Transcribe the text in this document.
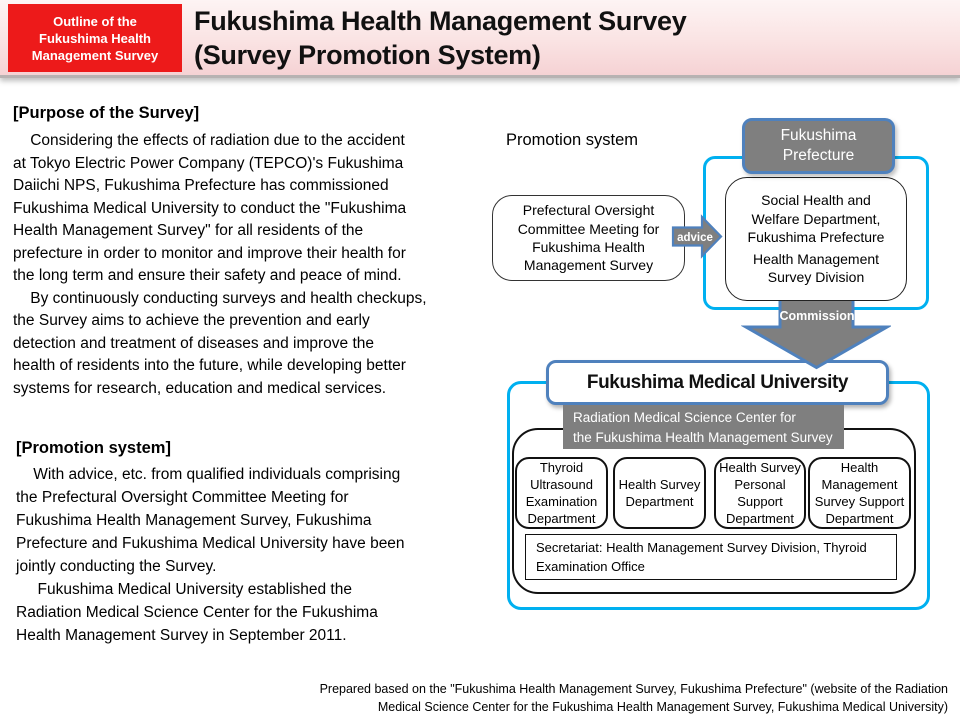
Outline of the
Fukushima Health
Management Survey
Fukushima Health Management Survey
(Survey Promotion System)
[Purpose of the Survey]
Considering the effects of radiation due to the accident
at Tokyo Electric Power Company (TEPCO)'s Fukushima
Daiichi NPS, Fukushima Prefecture has commissioned
Fukushima Medical University to conduct the "Fukushima
Health Management Survey" for all residents of the
prefecture in order to monitor and improve their health for
the long term and ensure their safety and peace of mind.
By continuously conducting surveys and health checkups,
the Survey aims to achieve the prevention and early
detection and treatment of diseases and improve the
health of residents into the future, while developing better
systems for research, education and medical services.
[Promotion system]
With advice, etc. from qualified individuals comprising
the Prefectural Oversight Committee Meeting for
Fukushima Health Management Survey, Fukushima
Prefecture and Fukushima Medical University have been
jointly conducting the Survey.
Fukushima Medical University established the
Radiation Medical Science Center for the Fukushima
Health Management Survey in September 2011.
Promotion system	Fukushima
Prefecture
Prefectural Oversight
Committee Meeting for
Fukushima Health
Management Survey
advice
Commission
Social Health and
Welfare Department,
Fukushima Prefecture
Health Management
Survey Division
Fukushima Medical University
Radiation Medical Science Center for
the Fukushima Health Management Survey
Thyroid
Ultrasound
Examination
Department
Health Survey
Department
Health Survey
Personal
Support
Department
Health
Management
Survey Support
Department
Secretariat: Health Management Survey Division, Thyroid
Examination Office
Prepared based on the "Fukushima Health Management Survey, Fukushima Prefecture" (website of the Radiation
Medical Science Center for the Fukushima Health Management Survey, Fukushima Medical University)
